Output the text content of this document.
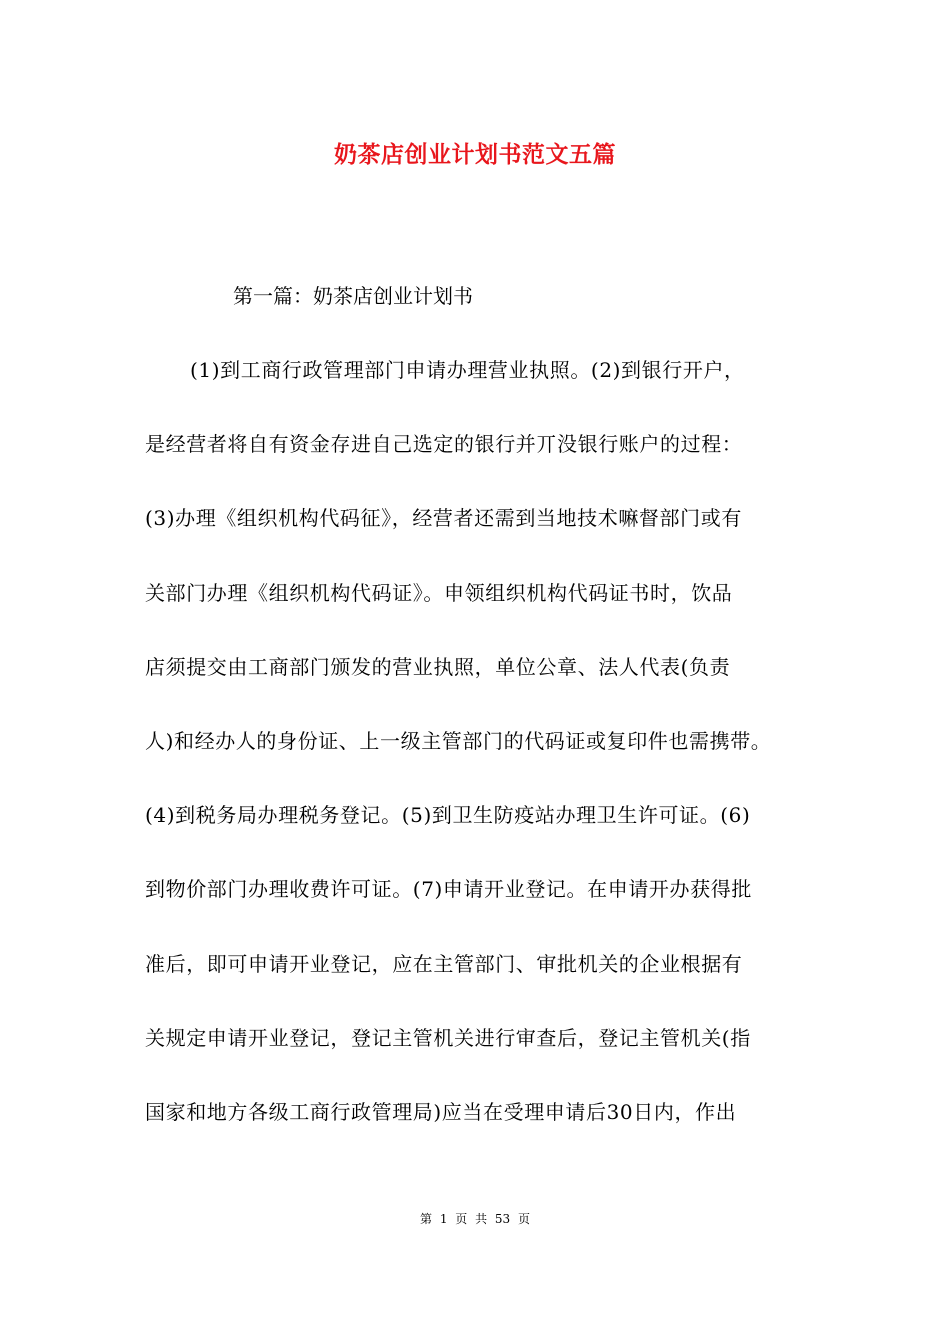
奶茶店创业计划书范文五篇
第一篇：奶茶店创业计划书
(1)到工商行政管理部门申请办理营业执照。(2)到银行开户，
是经营者将自有资金存进自己选定的银行并丌没银行账户的过程：
(3)办理《组织机构代码征》，经营者还需到当地技术嘛督部门或有
关部门办理《组织机构代码证》。申领组织机构代码证书时，饮品
店须提交由工商部门颁发的营业执照，单位公章、法人代表(负责
人)和经办人的身份证、上一级主管部门的代码证或复印件也需携带。
(4)到税务局办理税务登记。(5)到卫生防疫站办理卫生许可证。(6)
到物价部门办理收费许可证。(7)申请开业登记。在申请开办获得批
准后，即可申请开业登记，应在主管部门、审批机关的企业根据有
关规定申请开业登记，登记主管机关进行审查后，登记主管机关(指
国家和地方各级工商行政管理局)应当在受理申请后30日内，作出
第 1 页 共 53 页
